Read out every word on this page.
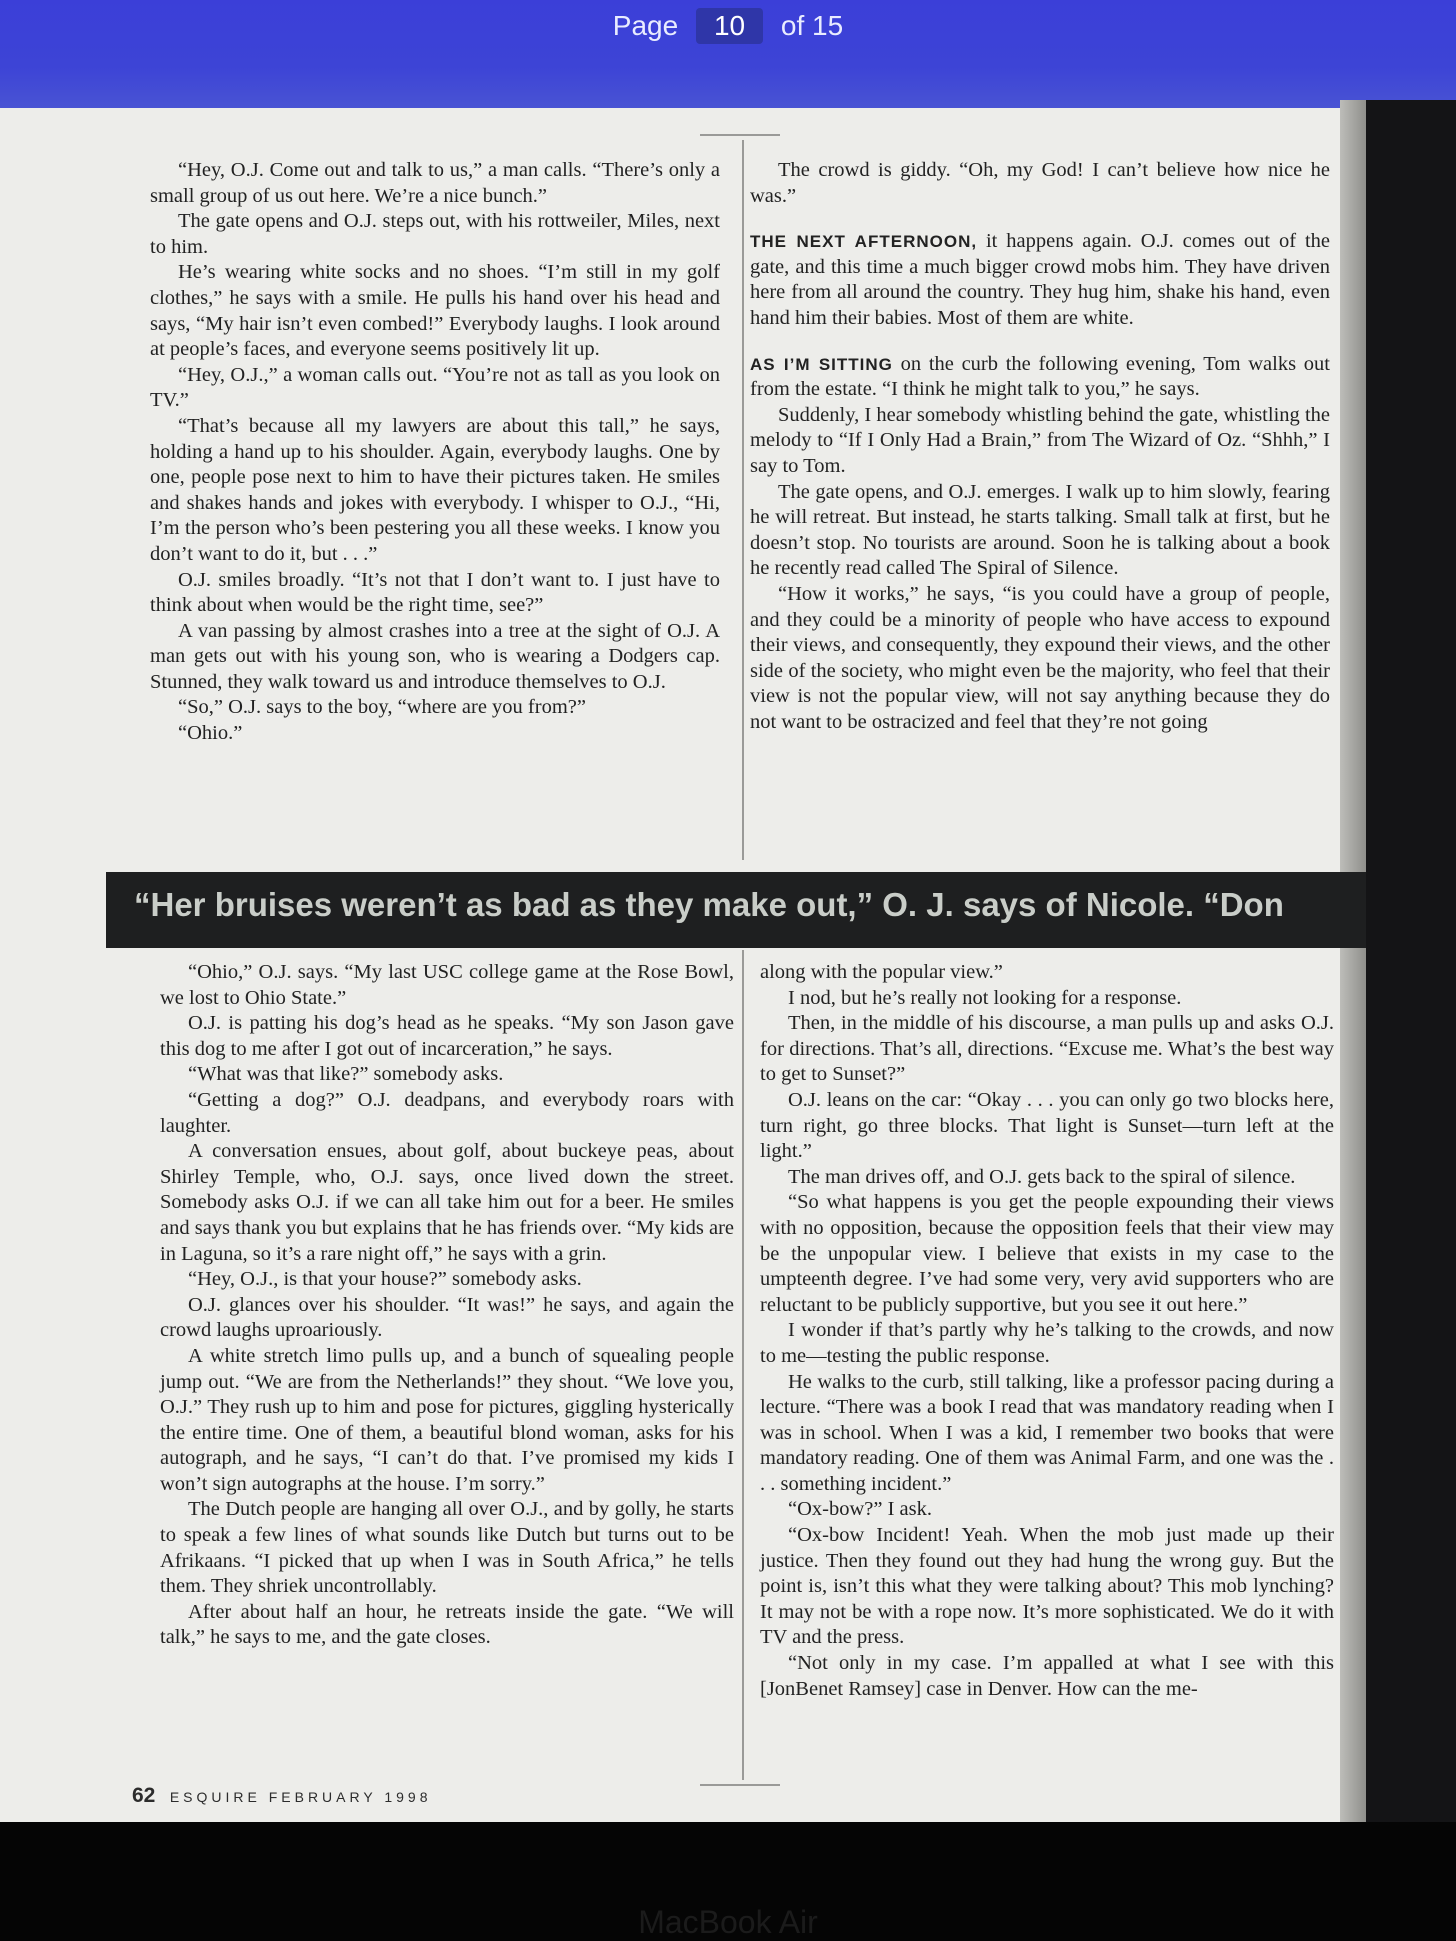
Page 10 of 15

“Hey, O.J. Come out and talk to us,” a man calls. “There’s only a small group of us out here. We’re a nice bunch.”

The gate opens and O.J. steps out, with his rottweiler, Miles, next to him.

He’s wearing white socks and no shoes. “I’m still in my golf clothes,” he says with a smile. He pulls his hand over his head and says, “My hair isn’t even combed!” Everybody laughs. I look around at people’s faces, and everyone seems positively lit up.

“Hey, O.J.,” a woman calls out. “You’re not as tall as you look on TV.”

“That’s because all my lawyers are about this tall,” he says, holding a hand up to his shoulder. Again, everybody laughs. One by one, people pose next to him to have their pictures taken. He smiles and shakes hands and jokes with everybody. I whisper to O.J., “Hi, I’m the person who’s been pestering you all these weeks. I know you don’t want to do it, but . . .”

O.J. smiles broadly. “It’s not that I don’t want to. I just have to think about when would be the right time, see?”

A van passing by almost crashes into a tree at the sight of O.J. A man gets out with his young son, who is wearing a Dodgers cap. Stunned, they walk toward us and introduce themselves to O.J.

“So,” O.J. says to the boy, “where are you from?”

“Ohio.”

The crowd is giddy. “Oh, my God! I can’t believe how nice he was.”

THE NEXT AFTERNOON, it happens again. O.J. comes out of the gate, and this time a much bigger crowd mobs him. They have driven here from all around the country. They hug him, shake his hand, even hand him their babies. Most of them are white.

AS I’M SITTING on the curb the following evening, Tom walks out from the estate. “I think he might talk to you,” he says.

Suddenly, I hear somebody whistling behind the gate, whistling the melody to “If I Only Had a Brain,” from The Wizard of Oz. “Shhh,” I say to Tom.

The gate opens, and O.J. emerges. I walk up to him slowly, fearing he will retreat. But instead, he starts talking. Small talk at first, but he doesn’t stop. No tourists are around. Soon he is talking about a book he recently read called The Spiral of Silence.

“How it works,” he says, “is you could have a group of people, and they could be a minority of people who have access to expound their views, and consequently, they expound their views, and the other side of the society, who might even be the majority, who feel that their view is not the popular view, will not say anything because they do not want to be ostracized and feel that they’re not going

“Her bruises weren’t as bad as they make out,” O. J. says of Nicole. “Don

“Ohio,” O.J. says. “My last USC college game at the Rose Bowl, we lost to Ohio State.”

O.J. is patting his dog’s head as he speaks. “My son Jason gave this dog to me after I got out of incarceration,” he says.

“What was that like?” somebody asks.

“Getting a dog?” O.J. deadpans, and everybody roars with laughter.

A conversation ensues, about golf, about buckeye peas, about Shirley Temple, who, O.J. says, once lived down the street. Somebody asks O.J. if we can all take him out for a beer. He smiles and says thank you but explains that he has friends over. “My kids are in Laguna, so it’s a rare night off,” he says with a grin.

“Hey, O.J., is that your house?” somebody asks.

O.J. glances over his shoulder. “It was!” he says, and again the crowd laughs uproariously.

A white stretch limo pulls up, and a bunch of squealing people jump out. “We are from the Netherlands!” they shout. “We love you, O.J.” They rush up to him and pose for pictures, giggling hysterically the entire time. One of them, a beautiful blond woman, asks for his autograph, and he says, “I can’t do that. I’ve promised my kids I won’t sign autographs at the house. I’m sorry.”

The Dutch people are hanging all over O.J., and by golly, he starts to speak a few lines of what sounds like Dutch but turns out to be Afrikaans. “I picked that up when I was in South Africa,” he tells them. They shriek uncontrollably.

After about half an hour, he retreats inside the gate. “We will talk,” he says to me, and the gate closes.

along with the popular view.”

I nod, but he’s really not looking for a response.

Then, in the middle of his discourse, a man pulls up and asks O.J. for directions. That’s all, directions. “Excuse me. What’s the best way to get to Sunset?”

O.J. leans on the car: “Okay . . . you can only go two blocks here, turn right, go three blocks. That light is Sunset—turn left at the light.”

The man drives off, and O.J. gets back to the spiral of silence.

“So what happens is you get the people expounding their views with no opposition, because the opposition feels that their view may be the unpopular view. I believe that exists in my case to the umpteenth degree. I’ve had some very, very avid supporters who are reluctant to be publicly supportive, but you see it out here.”

I wonder if that’s partly why he’s talking to the crowds, and now to me—testing the public response.

He walks to the curb, still talking, like a professor pacing during a lecture. “There was a book I read that was mandatory reading when I was in school. When I was a kid, I remember two books that were mandatory reading. One of them was Animal Farm, and one was the . . . something incident.”

“Ox-bow?” I ask.

“Ox-bow Incident! Yeah. When the mob just made up their justice. Then they found out they had hung the wrong guy. But the point is, isn’t this what they were talking about? This mob lynching? It may not be with a rope now. It’s more sophisticated. We do it with TV and the press.

“Not only in my case. I’m appalled at what I see with this [JonBenet Ramsey] case in Denver. How can the me-

62 ESQUIRE FEBRUARY 1998
MacBook Air
